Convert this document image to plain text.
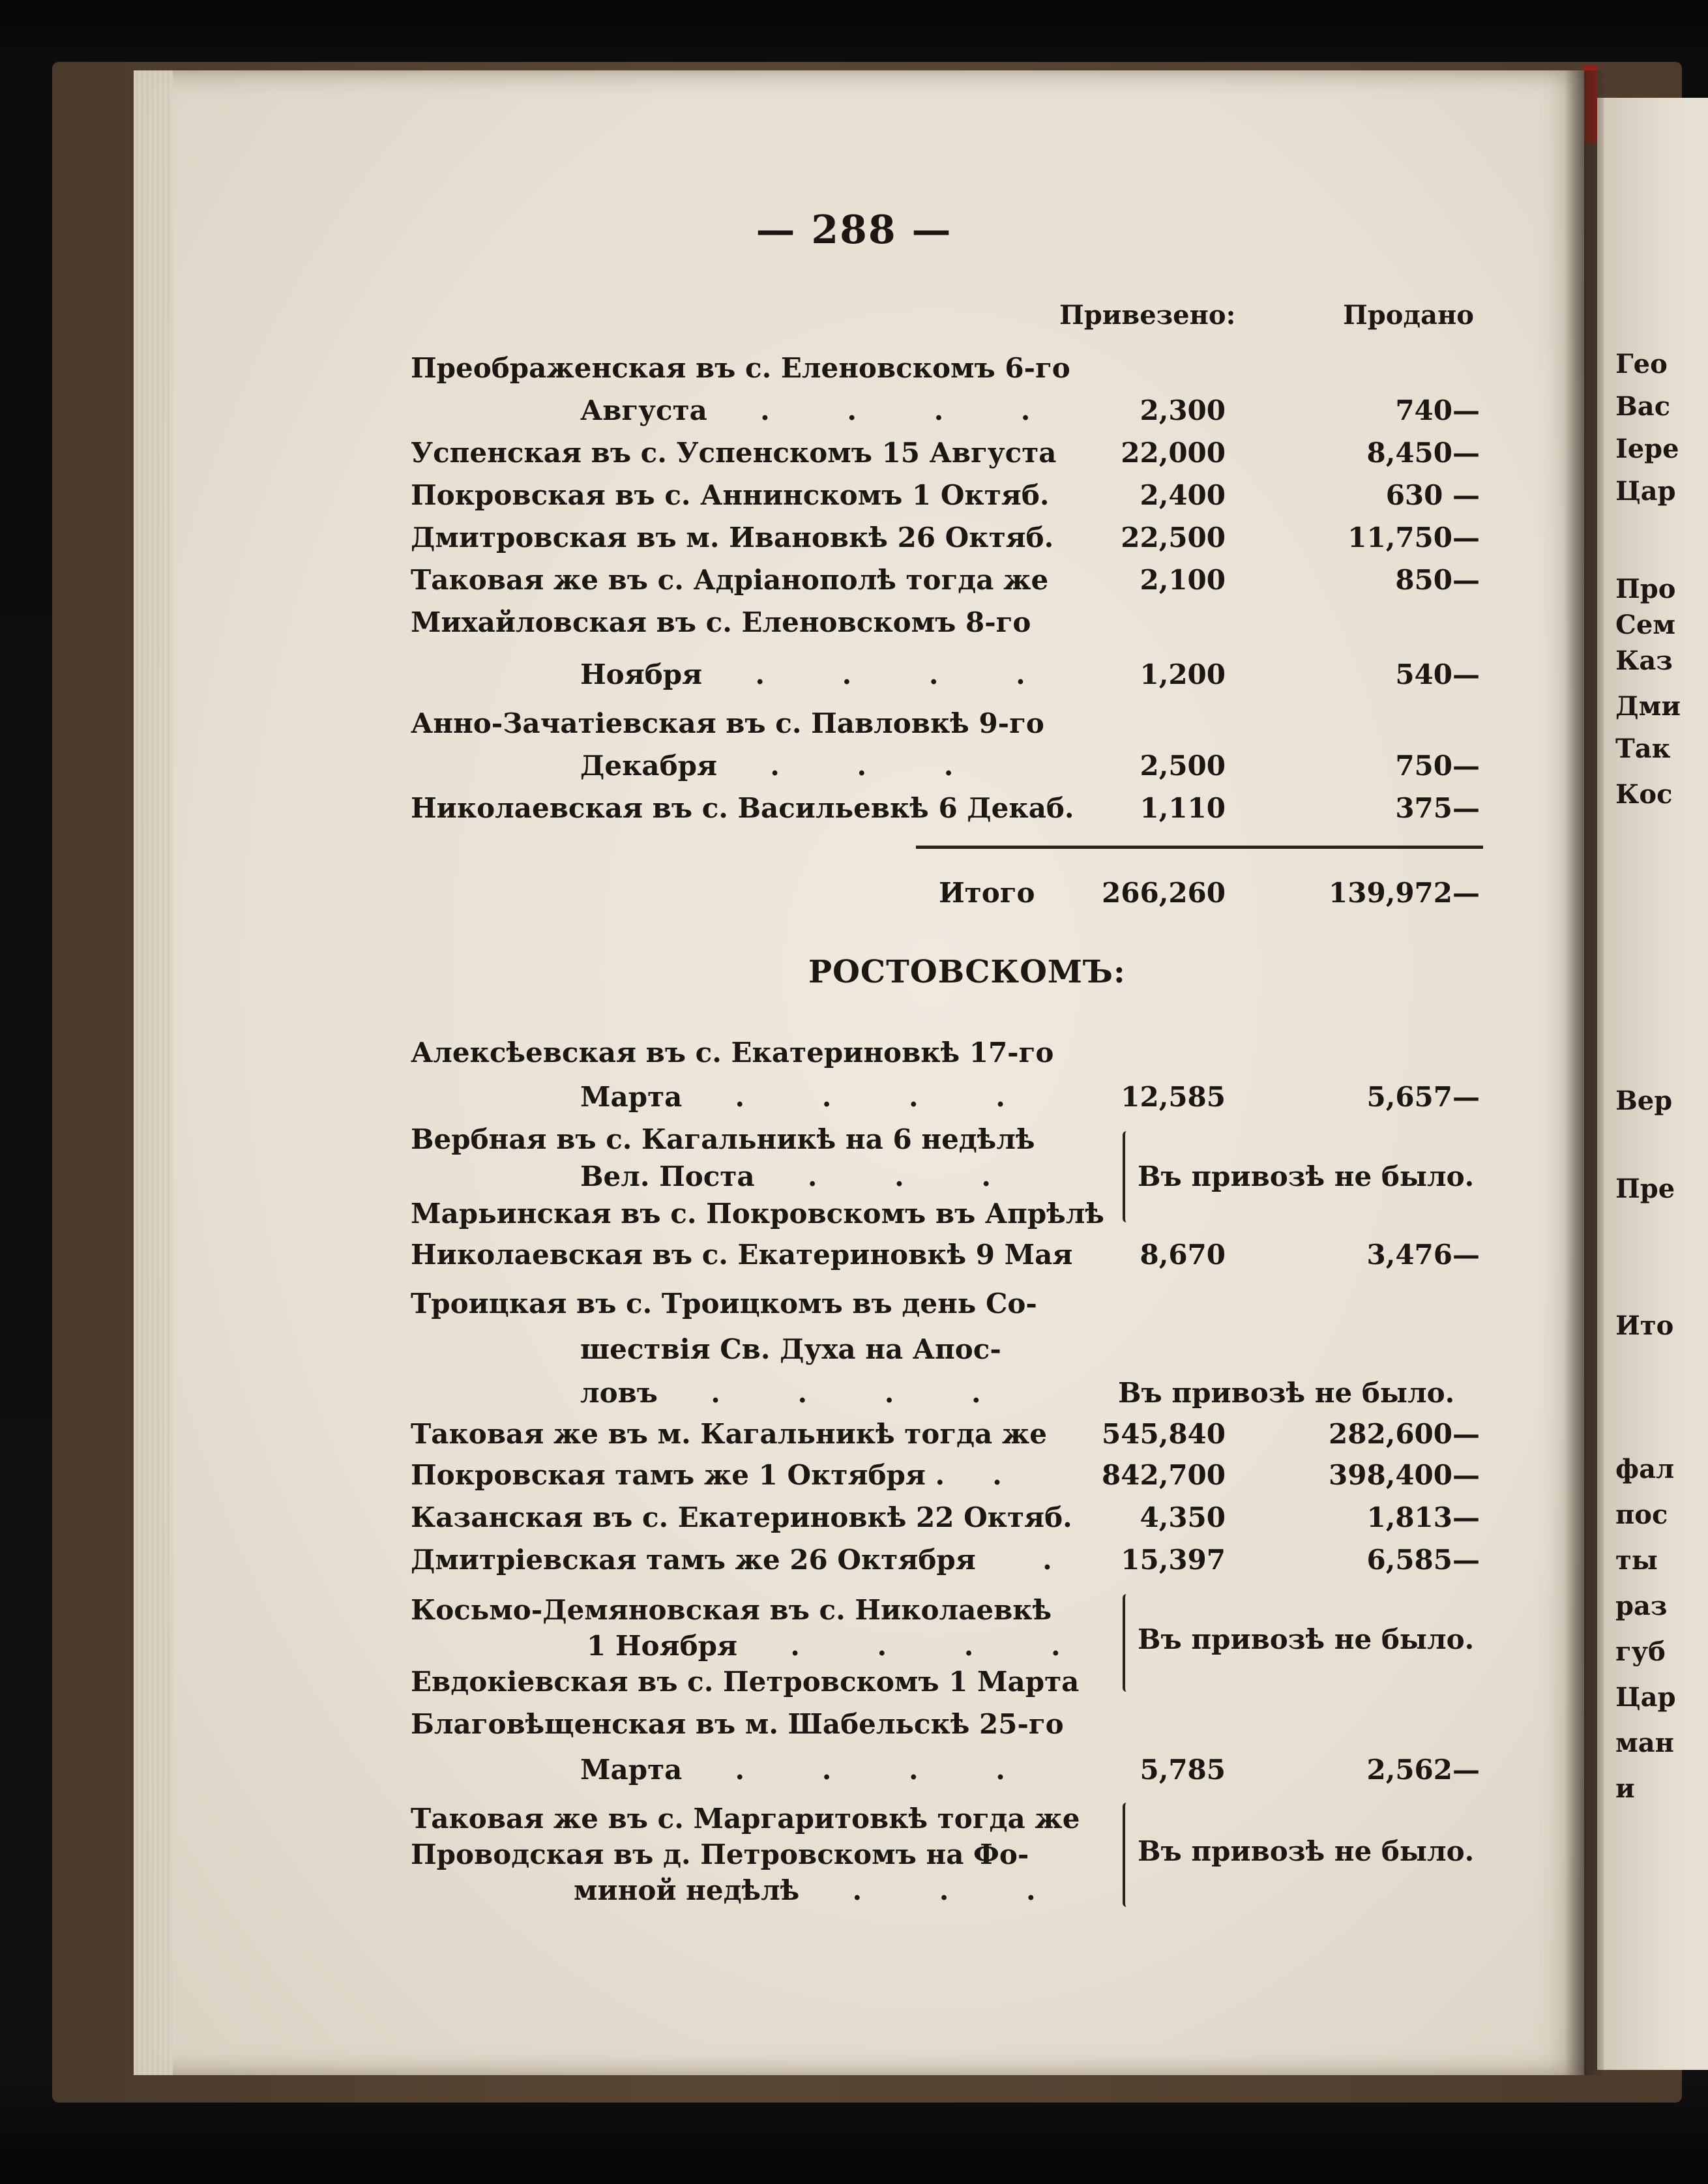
— 288 —
Привезено:	Продано
Преображенская въ с. Еленовскомъ 6-го
Августа  . . . .	2,300	740—
Успенская въ с. Успенскомъ 15 Августа 22,000	8,450—
Покровская въ с. Аннинскомъ 1 Октяб.	2,400	630 —
Дмитровская въ м. Ивановкѣ 26 Октяб. 22,500	11,750—
Таковая же въ с. Адріанополѣ тогда же	2,100	850—
Михайловская въ с. Еленовскомъ 8-го
Ноября  . . . .	1,200	540—
Анно-Зачатіевская въ с. Павловкѣ 9-го
Декабря  . . .	2,500	750—
Николаевская въ с. Васильевкѣ 6 Декаб. 1,110	375—
Итого 266,260	139,972—
РОСТОВСКОМЪ:
Алексѣевская въ с. Екатериновкѣ 17-го
Марта  . . . .	12,585	5,657—
Вербная въ с. Кагальникѣ на 6 недѣлѣ
Вел. Поста  . . .
Марьинская въ с. Покровскомъ въ Апрѣлѣ
Въ привозѣ не было.
Николаевская въ с. Екатериновкѣ 9 Мая 8,670	3,476—
Троицкая въ с. Троицкомъ въ день Со-
шествія Св. Духа на Апос-
ловъ  . . . .	Въ привозѣ не было.
Таковая же въ м. Кагальникѣ тогда же 545,840	282,600—
Покровская тамъ же 1 Октября .     .	842,700	398,400—
Казанская въ с. Екатериновкѣ 22 Октяб. 4,350	1,813—
Дмитріевская тамъ же 26 Октября       .	15,397	6,585—
Косьмо-Демяновская въ с. Николаевкѣ
1 Ноября  . . . .
Евдокіевская въ с. Петровскомъ 1 Марта
Въ привозѣ не было.
Благовѣщенская въ м. Шабельскѣ 25-го
Марта  . . . .	5,785	2,562—
Таковая же въ с. Маргаритовкѣ тогда же
Проводская въ д. Петровскомъ на Фо-
миной недѣлѣ  . . .
Въ привозѣ не было.
Гео
Вас
Іере
Цар
Про
Сем
Каз
Дми
Так
Кос
Вер
Пре
Ито
фал
пос
ты
раз
губ
Цар
ман
и
